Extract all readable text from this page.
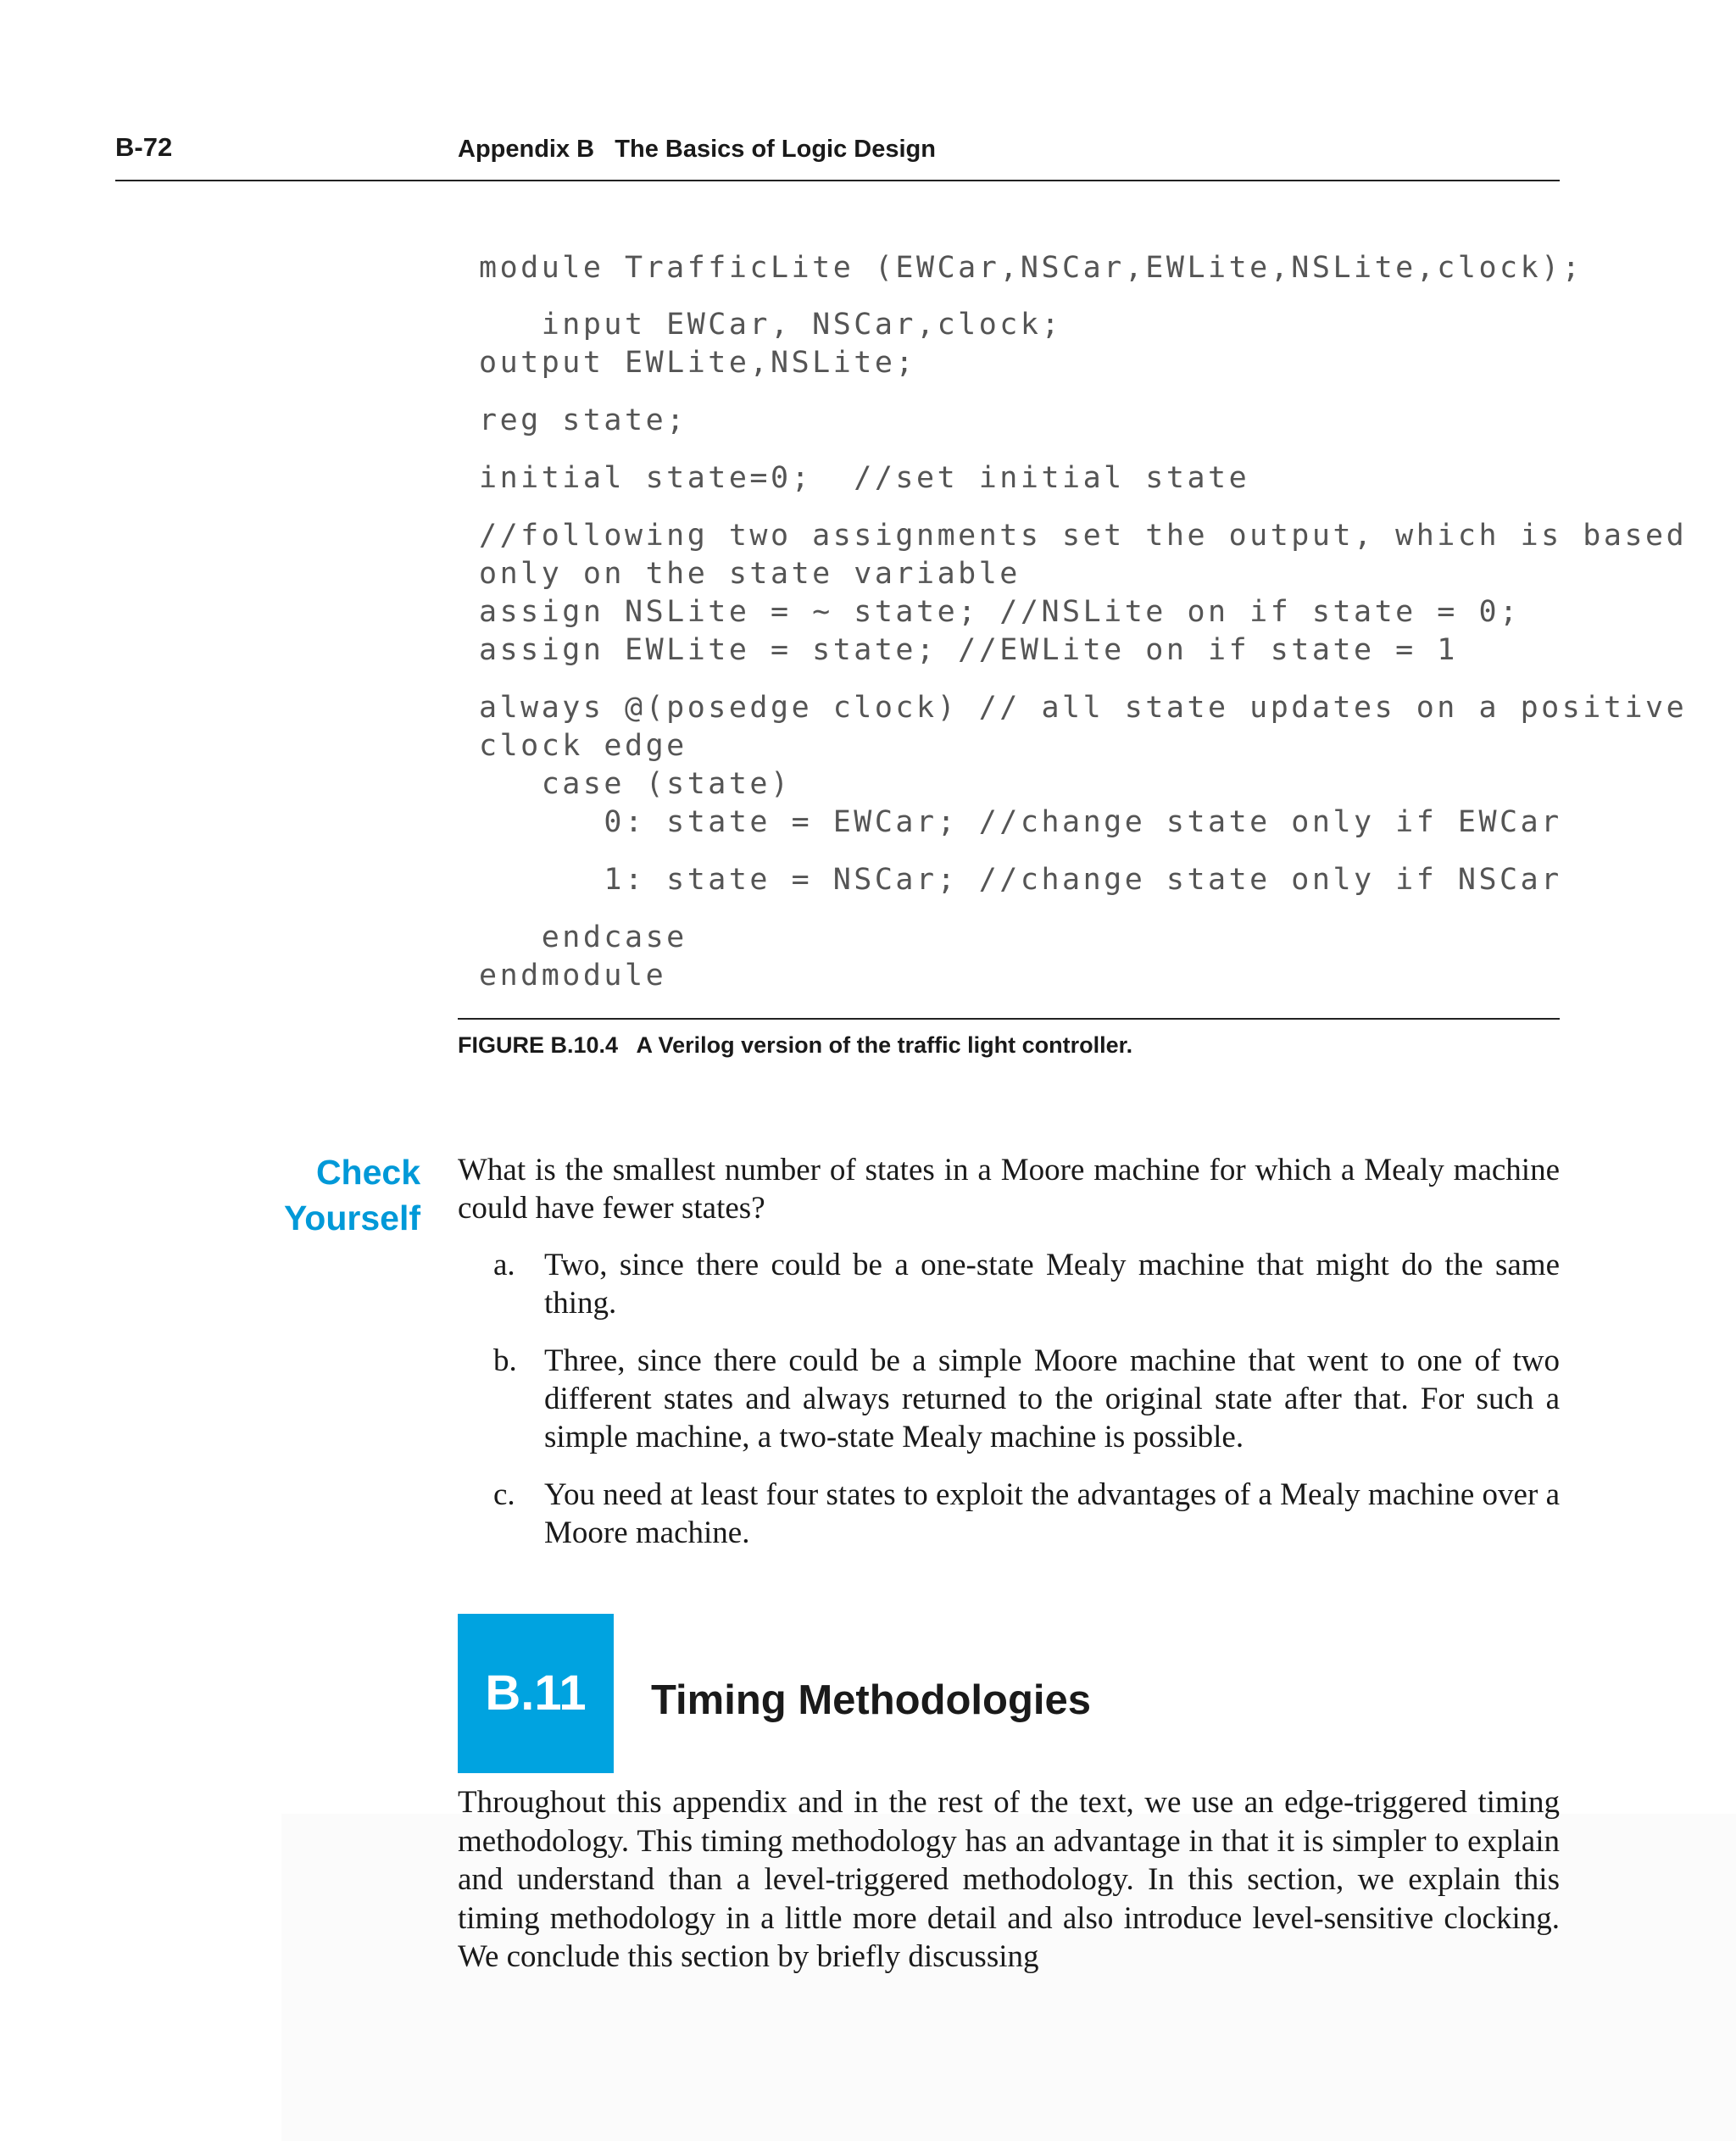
B-72	Appendix B   The Basics of Logic Design
module TrafficLite (EWCar,NSCar,EWLite,NSLite,clock);
input EWCar, NSCar,clock;
output EWLite,NSLite;
reg state;
initial state=0;  //set initial state
//following two assignments set the output, which is based
only on the state variable
assign NSLite = ~ state; //NSLite on if state = 0;
assign EWLite = state; //EWLite on if state = 1
always @(posedge clock) // all state updates on a positive
clock edge
case (state)
0: state = EWCar; //change state only if EWCar
1: state = NSCar; //change state only if NSCar
endcase
endmodule
FIGURE B.10.4   A Verilog version of the traffic light controller.
Check
Yourself
What is the smallest number of states in a Moore machine for which a Mealy machine could have fewer states?
a. Two, since there could be a one-state Mealy machine that might do the same thing.
b. Three, since there could be a simple Moore machine that went to one of two different states and always returned to the original state after that. For such a simple machine, a two-state Mealy machine is possible.
c. You need at least four states to exploit the advantages of a Mealy machine over a Moore machine.
B.11	Timing Methodologies
Throughout this appendix and in the rest of the text, we use an edge-triggered timing methodology. This timing methodology has an advantage in that it is simpler to explain and understand than a level-triggered methodology. In this section, we explain this timing methodology in a little more detail and also introduce level-sensitive clocking. We conclude this section by briefly discussing
